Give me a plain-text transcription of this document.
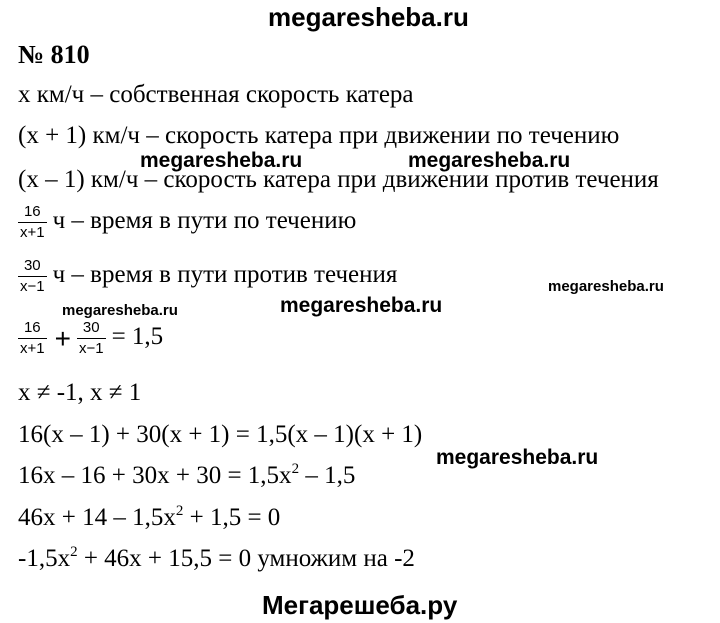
megaresheba.ru
№ 810
x км/ч – собственная скорость катера
(x + 1) км/ч – скорость катера при движении по течению
megaresheba.ru	megaresheba.ru
(x – 1) км/ч – скорость катера при движении против течения
$\frac{16}{x+1}$ ч – время в пути по течению
$\frac{30}{x-1}$ ч – время в пути против течения	megaresheba.ru
megaresheba.ru	megaresheba.ru
$\frac{16}{x+1} + \frac{30}{x-1} = 1,5$
x ≠ -1, x ≠ 1
16(x – 1) + 30(x + 1) = 1,5(x – 1)(x + 1)
megaresheba.ru
$16x - 16 + 30x + 30 = 1,5x^2 - 1,5$
$46x + 14 - 1,5x^2 + 1,5 = 0$
$-1,5x^2 + 46x + 15,5 = 0$ умножим на -2
Мегарешеба.ру
